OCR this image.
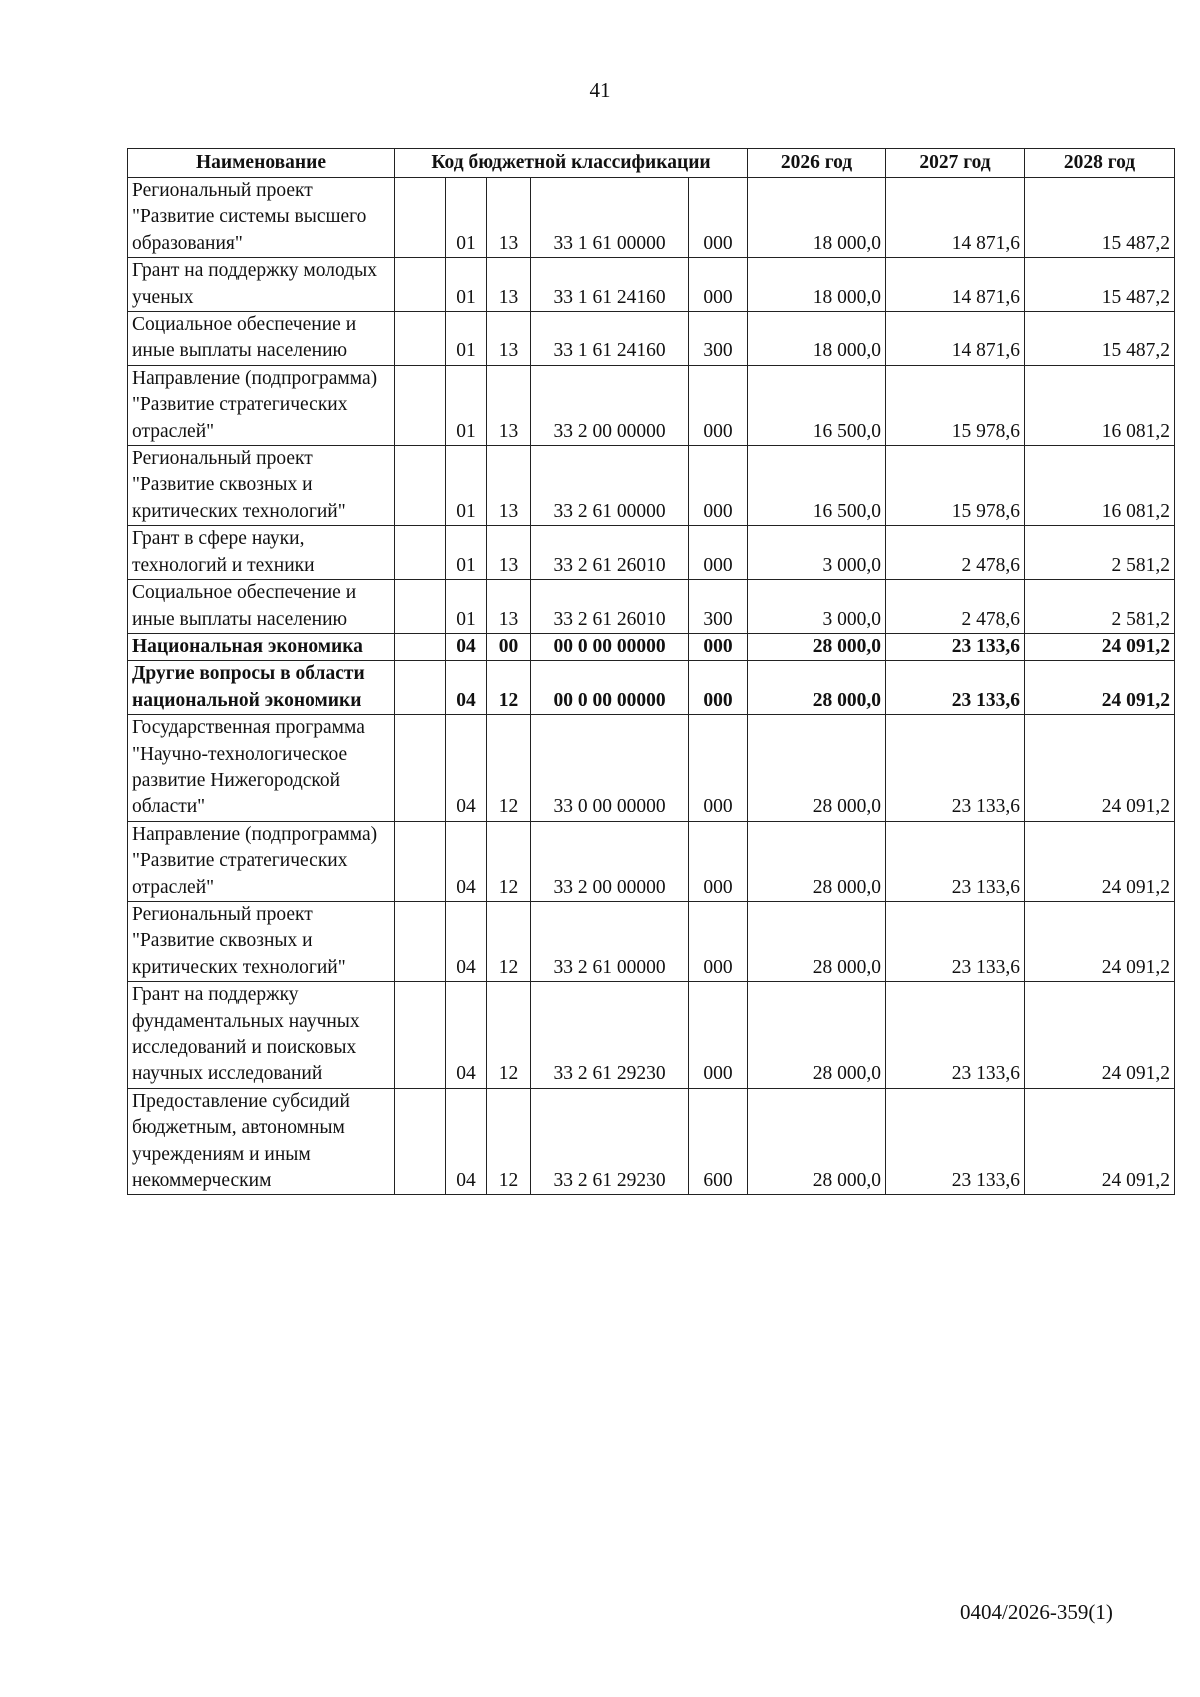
41
Наименование	Код бюджетной классификации					2026 год	2027 год	2028 год
Региональный проект "Развитие системы высшего образования"		01	13	33 1 61 00000	000	18 000,0	14 871,6	15 487,2
Грант на поддержку молодых ученых		01	13	33 1 61 24160	000	18 000,0	14 871,6	15 487,2
Социальное обеспечение и иные выплаты населению		01	13	33 1 61 24160	300	18 000,0	14 871,6	15 487,2
Направление (подпрограмма) "Развитие стратегических отраслей"		01	13	33 2 00 00000	000	16 500,0	15 978,6	16 081,2
Региональный проект "Развитие сквозных и критических технологий"		01	13	33 2 61 00000	000	16 500,0	15 978,6	16 081,2
Грант в сфере науки, технологий и техники		01	13	33 2 61 26010	000	3 000,0	2 478,6	2 581,2
Социальное обеспечение и иные выплаты населению		01	13	33 2 61 26010	300	3 000,0	2 478,6	2 581,2
Национальная экономика		04	00	00 0 00 00000	000	28 000,0	23 133,6	24 091,2
Другие вопросы в области национальной экономики		04	12	00 0 00 00000	000	28 000,0	23 133,6	24 091,2
Государственная программа "Научно-технологическое развитие Нижегородской области"		04	12	33 0 00 00000	000	28 000,0	23 133,6	24 091,2
Направление (подпрограмма) "Развитие стратегических отраслей"		04	12	33 2 00 00000	000	28 000,0	23 133,6	24 091,2
Региональный проект "Развитие сквозных и критических технологий"		04	12	33 2 61 00000	000	28 000,0	23 133,6	24 091,2
Грант на поддержку фундаментальных научных исследований и поисковых научных исследований		04	12	33 2 61 29230	000	28 000,0	23 133,6	24 091,2
Предоставление субсидий бюджетным, автономным учреждениям и иным некоммерческим		04	12	33 2 61 29230	600	28 000,0	23 133,6	24 091,2
0404/2026-359(1)
